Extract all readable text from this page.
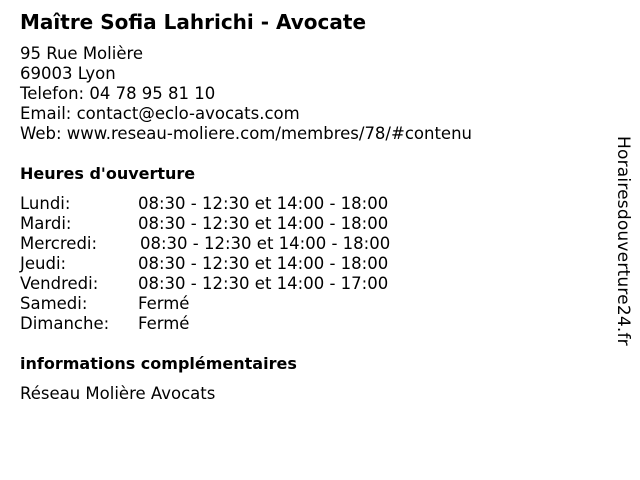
Maître Sofia Lahrichi - Avocate
95 Rue Molière
69003 Lyon
Telefon: 04 78 95 81 10
Email: contact@eclo-avocats.com
Web: www.reseau-moliere.com/membres/78/#contenu
Heures d'ouverture
Lundi:	08:30 - 12:30 et 14:00 - 18:00
Mardi:	08:30 - 12:30 et 14:00 - 18:00
Mercredi:	08:30 - 12:30 et 14:00 - 18:00
Jeudi:	08:30 - 12:30 et 14:00 - 18:00
Vendredi: 08:30 - 12:30 et 14:00 - 17:00
Samedi:	Fermé
Dimanche: Fermé
informations complémentaires
Réseau Molière Avocats
Horairesdouverture24.fr
